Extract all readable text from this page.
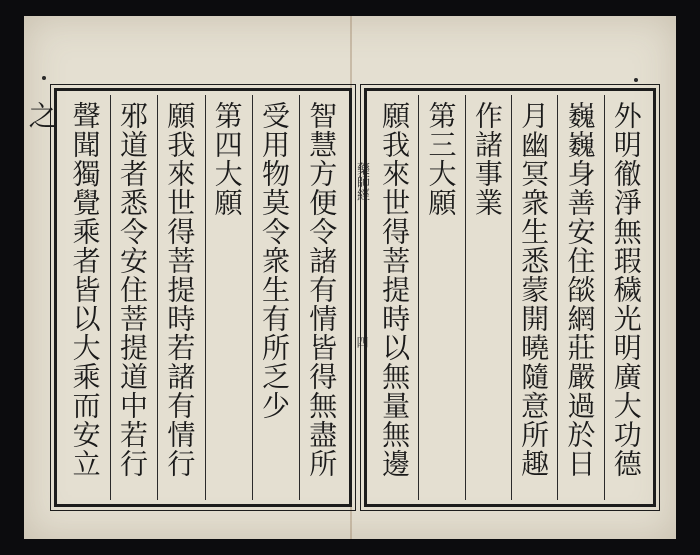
智慧方便令諸有情皆得無盡所
受用物莫令衆生有所乏少
第四大願
願我來世得菩提時若諸有情行
邪道者悉令安住菩提道中若行
聲聞獨覺乘者皆以大乘而安立之
藥師經
四	外明徹淨無瑕穢光明廣大功德
巍巍身善安住燄網莊嚴過於日
月幽冥衆生悉蒙開曉隨意所趣
作諸事業
第三大願
願我來世得菩提時以無量無邊
